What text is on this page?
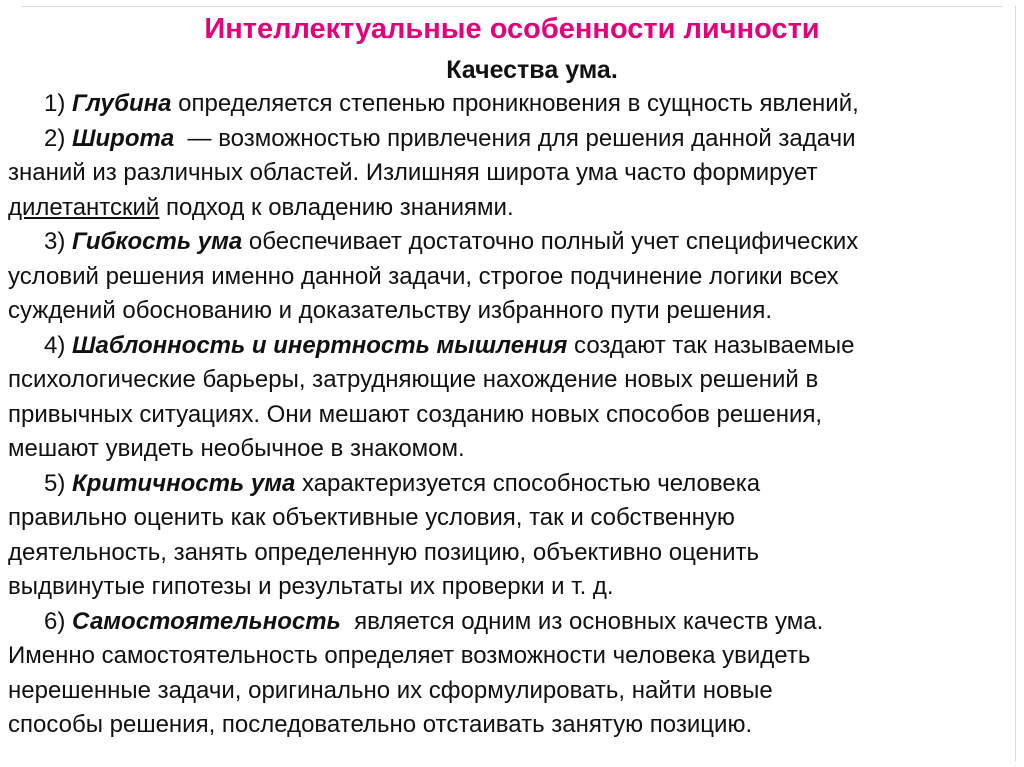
Интеллектуальные особенности личности
Качества ума.
1) Глубина определяется степенью проникновения в сущность явлений,
2) Широта  — возможностью привлечения для решения данной задачи
знаний из различных областей. Излишняя широта ума часто формирует
дилетантский подход к овладению знаниями.
3) Гибкость ума обеспечивает достаточно полный учет специфических
условий решения именно данной задачи, строгое подчинение логики всех
суждений обоснованию и доказательству избранного пути решения.
4) Шаблонность и инертность мышления создают так называемые
психологические барьеры, затрудняющие нахождение новых решений в
привычных ситуациях. Они мешают созданию новых способов решения,
мешают увидеть необычное в знакомом.
5) Критичность ума характеризуется способностью человека
правильно оценить как объективные условия, так и собственную
деятельность, занять определенную позицию, объективно оценить
выдвинутые гипотезы и результаты их проверки и т. д.
6) Самостоятельность  является одним из основных качеств ума.
Именно самостоятельность определяет возможности человека увидеть
нерешенные задачи, оригинально их сформулировать, найти новые
способы решения, последовательно отстаивать занятую позицию.
